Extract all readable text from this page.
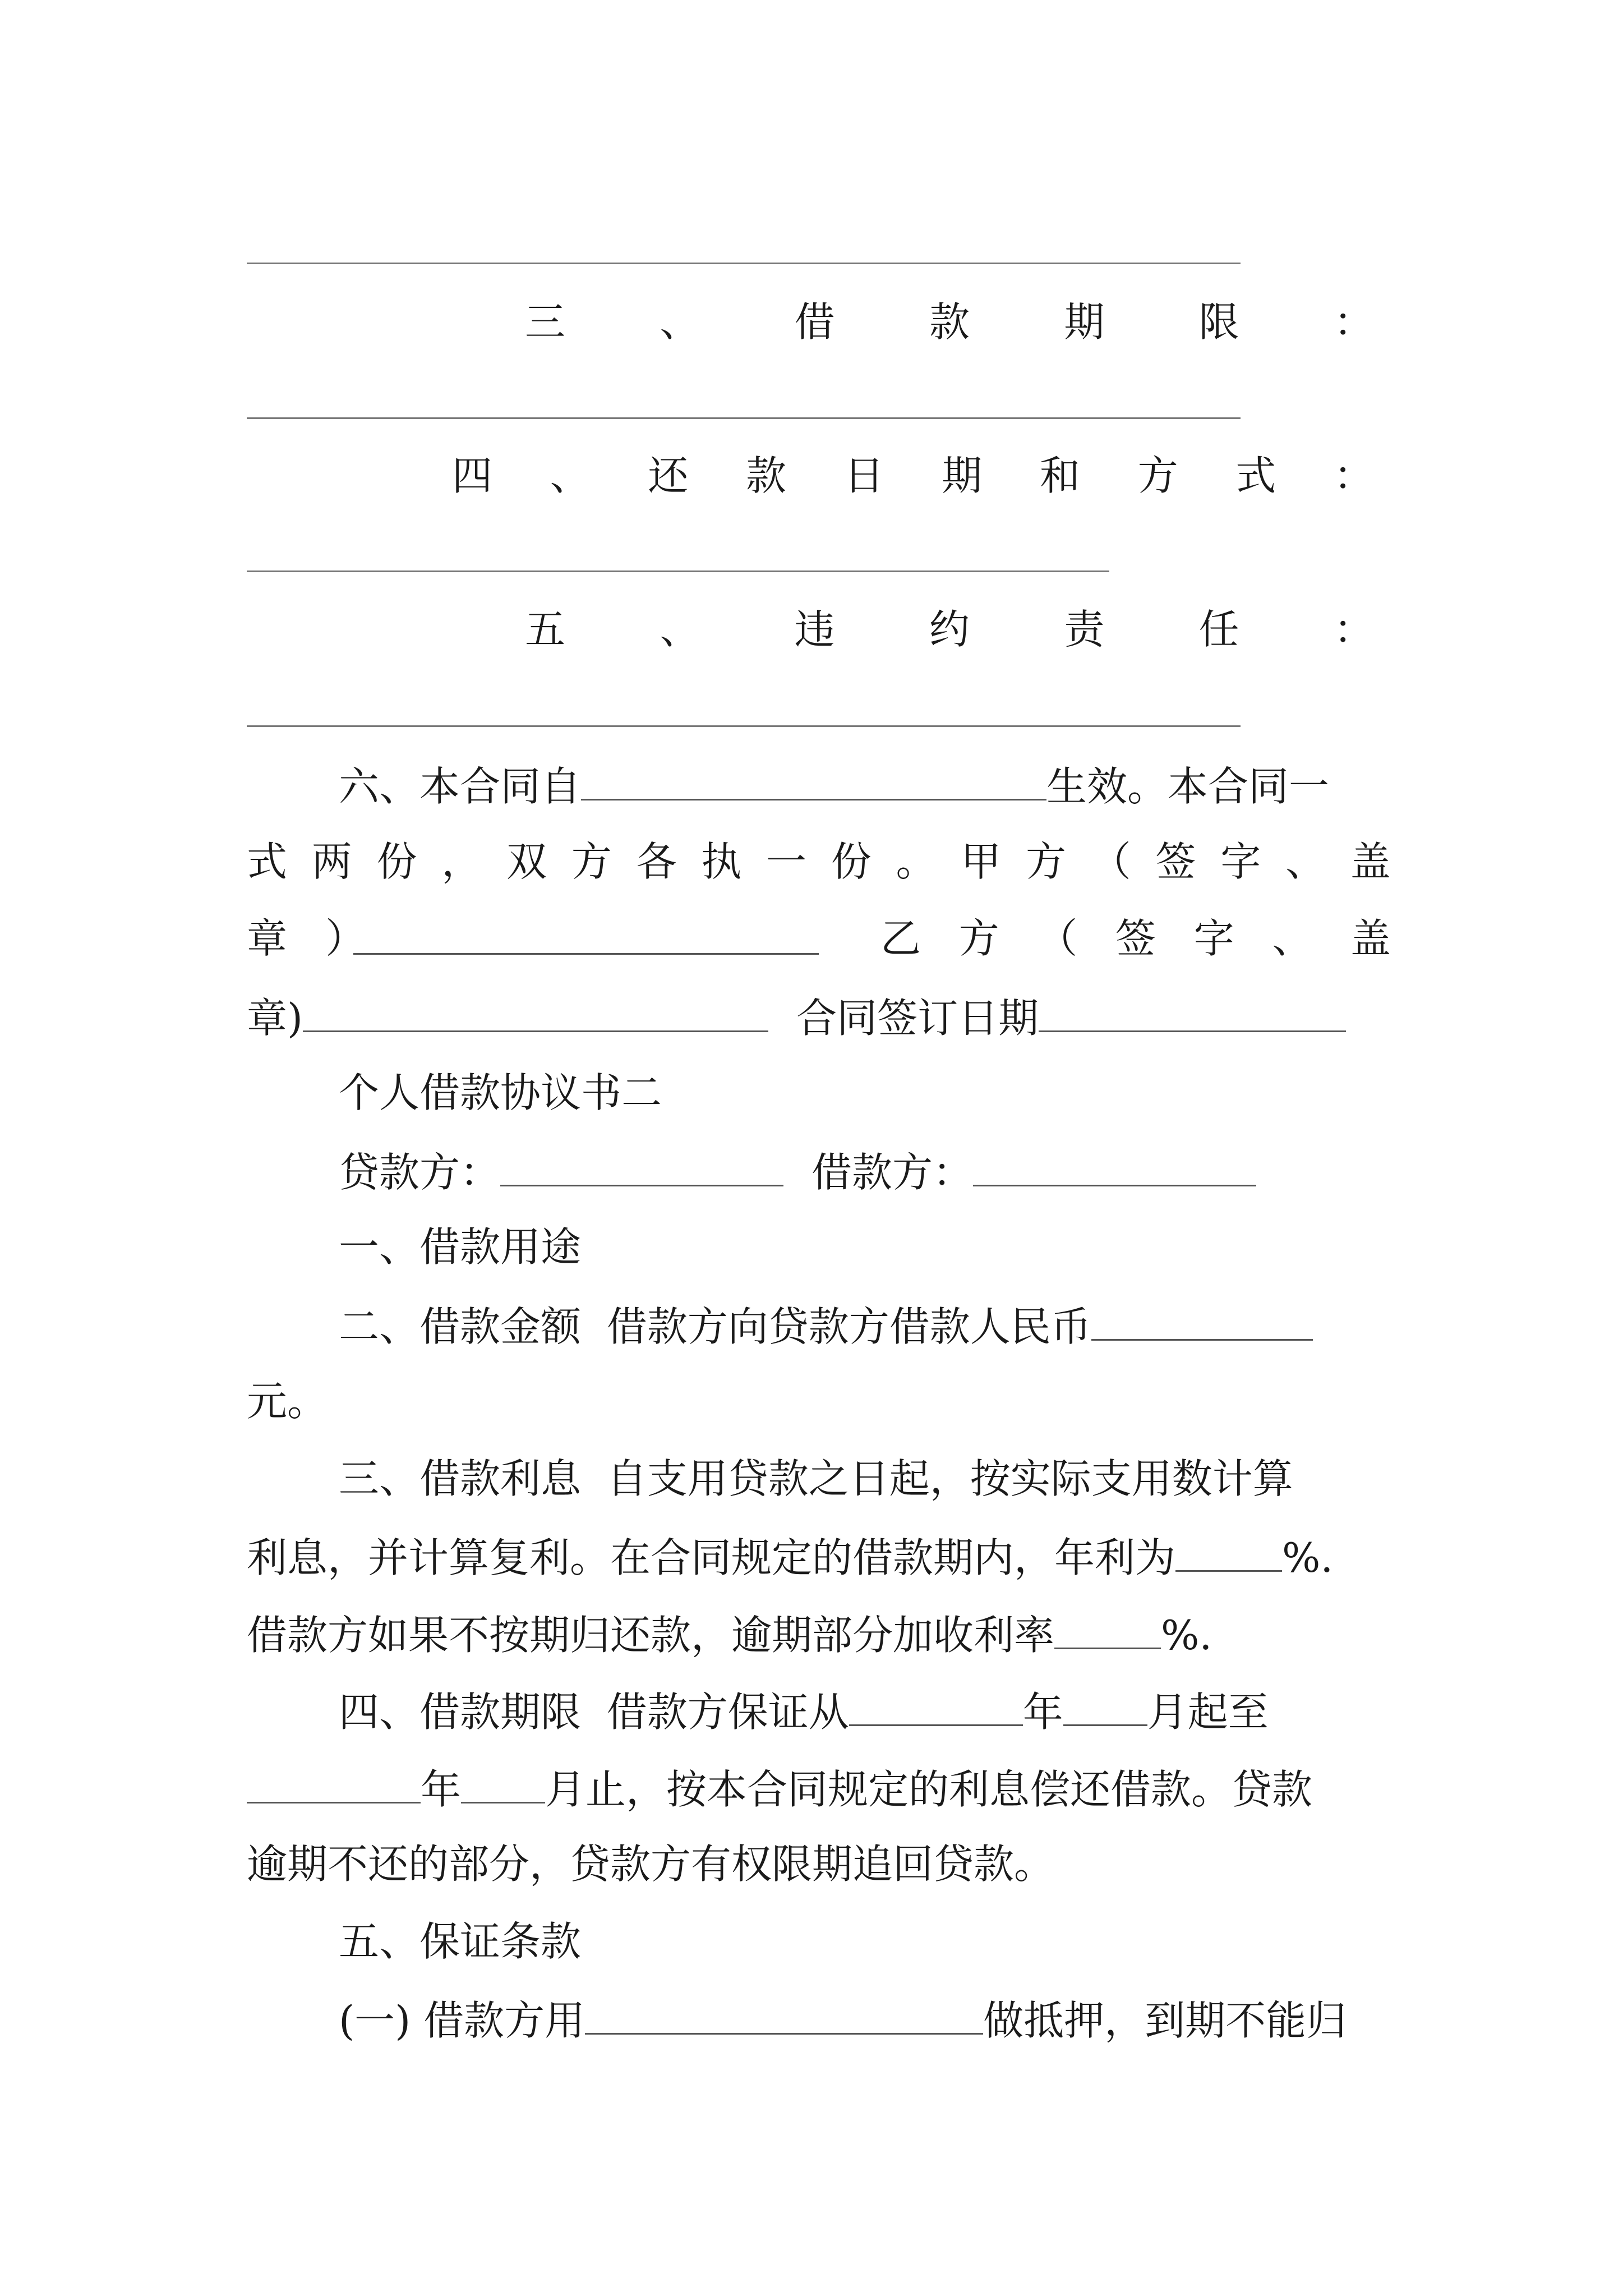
三 、 借 款 期 限 ：
四 、 还 款 日 期 和 方 式 ：
五 、 违 约 责 任 ：
六、本合同自	生效。本合同一
式 两 份 ， 双 方 各 执 一 份 。 甲 方 （ 签 字 、 盖
章 ）	乙 方 （ 签 字 、 盖
章)	合同签订日期
个人借款协议书二
贷款方：	借款方：
一、借款用途
二、借款金额  借款方向贷款方借款人民币
元。
三、借款利息  自支用贷款之日起，按实际支用数计算
利息，并计算复利。在合同规定的借款期内，年利为	%.
借款方如果不按期归还款，逾期部分加收利率	%.
四、借款期限  借款方保证从	年 月起至
年 月止，按本合同规定的利息偿还借款。贷款
逾期不还的部分，贷款方有权限期追回贷款。
五、保证条款
(一) 借款方用	做抵押，到期不能归
